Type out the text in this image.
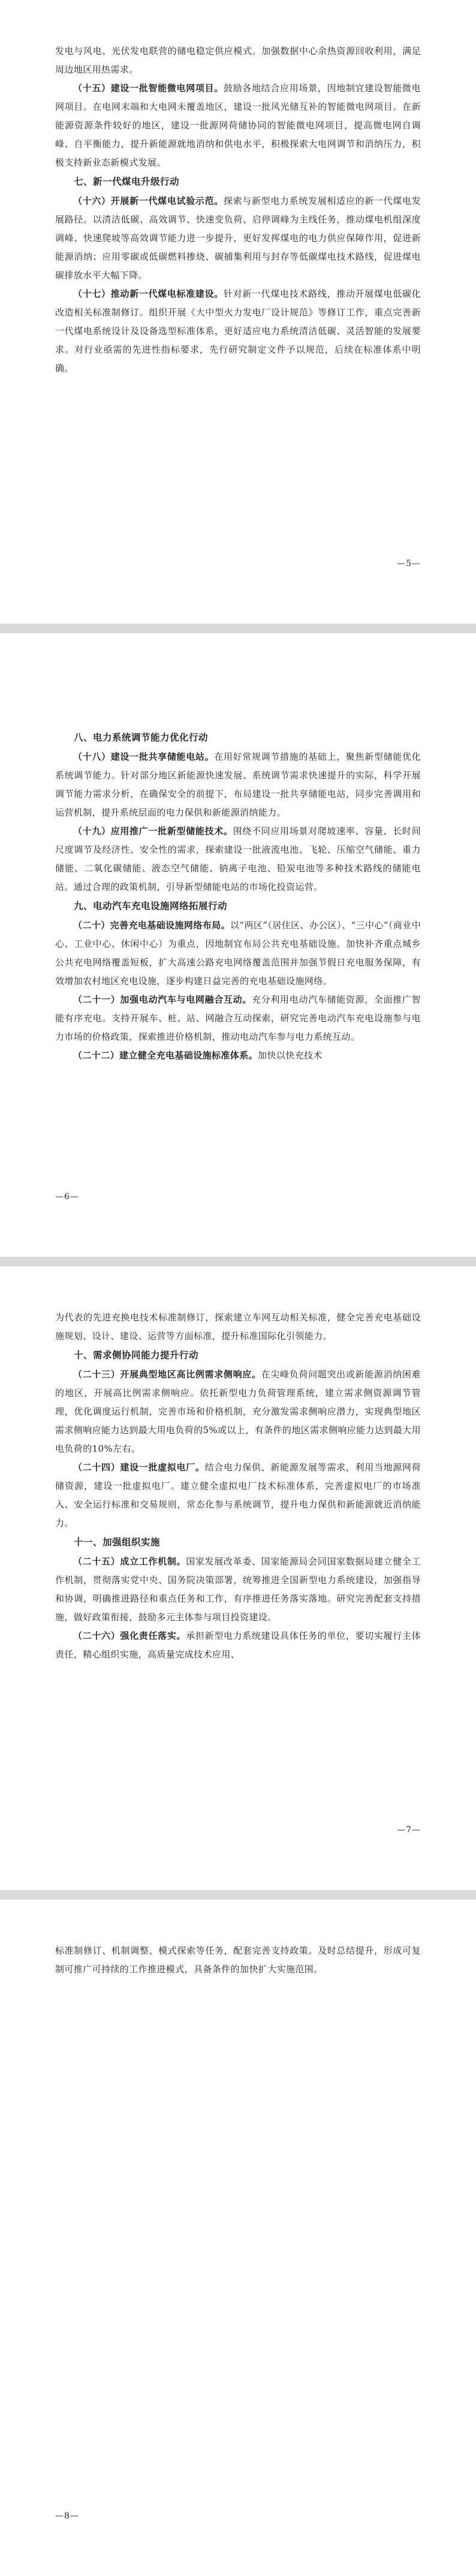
发电与风电、光伏发电联营的储电稳定供应模式。加强数据中心余热资源回收利用，满足周边地区用热需求。

（十五）建设一批智能微电网项目。鼓励各地结合应用场景，因地制宜建设智能微电网项目。在电网末端和大电网未覆盖地区，建设一批风光储互补的智能微电网项目。在新能源资源条件较好的地区，建设一批源网荷储协同的智能微电网项目，提高微电网自调峰、自平衡能力，提升新能源就地消纳和供电水平，积极探索大电网调节和消纳压力，积极支持新业态新模式发展。

七、新一代煤电升级行动

（十六）开展新一代煤电试验示范。探索与新型电力系统发展相适应的新一代煤电发展路径。以清洁低碳、高效调节、快速变负荷、启停调峰为主线任务，推动煤电机组深度调峰、快速爬坡等高效调节能力进一步提升，更好发挥煤电的电力供应保障作用，促进新能源消纳；应用零碳或低碳燃料掺烧、碳捕集利用与封存等低碳煤电技术路线，促进煤电碳排放水平大幅下降。

（十七）推动新一代煤电标准建设。针对新一代煤电技术路线，推动开展煤电低碳化改造相关标准制修订。组织开展《大中型火力发电厂设计规范》等修订工作，重点完善新一代煤电系统设计及设备选型标准体系，更好适应电力系统清洁低碳、灵活智能的发展要求。对行业亟需的先进性指标要求，先行研究制定文件予以规范，后续在标准体系中明确。

—5—

八、电力系统调节能力优化行动

（十八）建设一批共享储能电站。在用好常规调节措施的基础上，聚焦新型储能优化系统调节能力。针对部分地区新能源快速发展、系统调节需求快速提升的实际，科学开展调节能力需求分析，在确保安全的前提下，布局建设一批共享储能电站，同步完善调用和运营机制，提升系统层面的电力保供和新能源消纳能力。

（十九）应用推广一批新型储能技术。围绕不同应用场景对爬坡速率、容量、长时间尺度调节及经济性、安全性的需求，探索建设一批液流电池、飞轮、压缩空气储能、重力储能、二氧化碳储能、液态空气储能、钠离子电池、铅炭电池等多种技术路线的储能电站。通过合理的政策机制，引导新型储能电站的市场化投资运营。

九、电动汽车充电设施网络拓展行动

（二十）完善充电基础设施网络布局。以“两区”（居住区、办公区）、“三中心”（商业中心、工业中心、休闲中心）为重点，因地制宜布局公共充电基础设施。加快补齐重点城乡公共充电网络覆盖短板，扩大高速公路充电网络覆盖范围并加强节假日充电服务保障，有效增加农村地区充电设施，逐步构建日益完善的充电基础设施网络。

（二十一）加强电动汽车与电网融合互动。充分利用电动汽车储能资源，全面推广智能有序充电。支持开展车、桩、站、网融合互动探索，研究完善电动汽车充电设施参与电力市场的价格政策，探索推进价格机制，推动电动汽车参与电力系统互动。

（二十二）建立健全充电基础设施标准体系。加快以快充技术

—6—

为代表的先进充换电技术标准制修订，探索建立车网互动相关标准，健全完善充电基础设施规划、设计、建设、运营等方面标准，提升标准国际化引领能力。

十、需求侧协同能力提升行动

（二十三）开展典型地区高比例需求侧响应。在尖峰负荷问题突出或新能源消纳困难的地区，开展高比例需求侧响应。依托新型电力负荷管理系统，建立需求侧资源调节管理，优化调度运行机制，完善市场和价格机制，充分激发需求侧响应潜力，实现典型地区需求侧响应能力达到最大用电负荷的5%或以上，有条件的地区需求侧响应能力达到最大用电负荷的10%左右。

（二十四）建设一批虚拟电厂。结合电力保供、新能源发展等需求，利用当地源网荷储资源，建设一批虚拟电厂。建立健全虚拟电厂技术标准体系，完善虚拟电厂的市场准入、安全运行标准和交易规则，常态化参与系统调节，提升电力保供和新能源就近消纳能力。

十一、加强组织实施

（二十五）成立工作机制。国家发展改革委、国家能源局会同国家数据局建立健全工作机制，贯彻落实党中央、国务院决策部署，统筹推进全国新型电力系统建设，加强指导和协调，明确推进路径和重点任务和工作，有序推进任务落实落地。研究完善配套支持措施，做好政策衔接，鼓励多元主体参与项目投资建设。

（二十六）强化责任落实。承担新型电力系统建设具体任务的单位，要切实履行主体责任，精心组织实施，高质量完成技术应用、

—7—

标准制修订、机制调整、模式探索等任务，配套完善支持政策。及时总结提升，形成可复制可推广可持续的工作推进模式，具备条件的加快扩大实施范围。

—8—
